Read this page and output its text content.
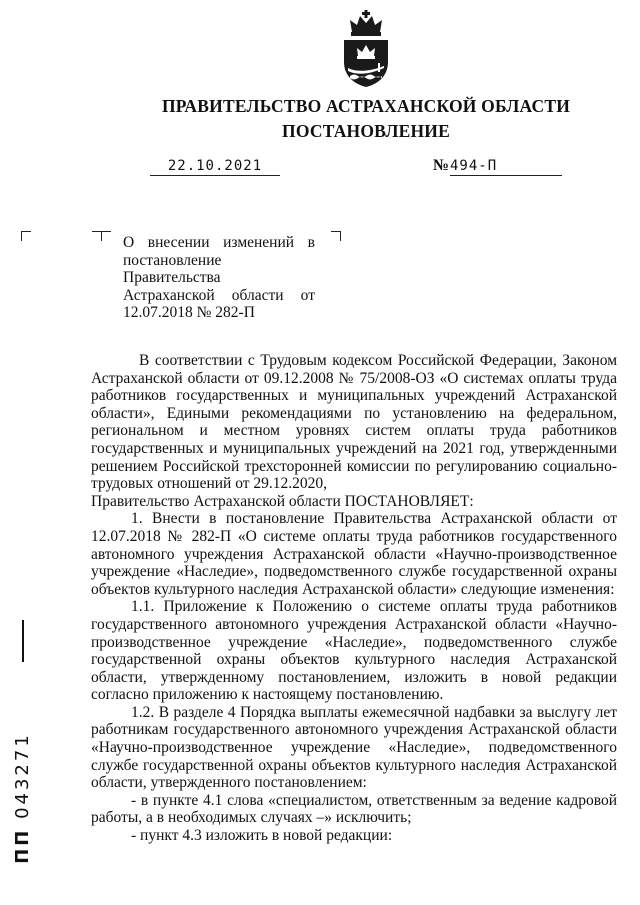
ПРАВИТЕЛЬСТВО АСТРАХАНСКОЙ ОБЛАСТИ
ПОСТАНОВЛЕНИЕ
22.10.2021	№ 494-П
О внесении изменений в постановление Правительства Астраханской области от 12.07.2018 № 282-П

В соответствии с Трудовым кодексом Российской Федерации, Законом Астраханской области от 09.12.2008 № 75/2008-ОЗ «О системах оплаты труда работников государственных и муниципальных учреждений Астраханской области», Едиными рекомендациями по установлению на федеральном, региональном и местном уровнях систем оплаты труда работников государственных и муниципальных учреждений на 2021 год, утвержденными решением Российской трехсторонней комиссии по регулированию социально-трудовых отношений от 29.12.2020,

Правительство Астраханской области ПОСТАНОВЛЯЕТ:

1. Внести в постановление Правительства Астраханской области от 12.07.2018 № 282-П «О системе оплаты труда работников государственного автономного учреждения Астраханской области «Научно-производственное учреждение «Наследие», подведомственного службе государственной охраны объектов культурного наследия Астраханской области» следующие изменения:

1.1. Приложение к Положению о системе оплаты труда работников государственного автономного учреждения Астраханской области «Научно-производственное учреждение «Наследие», подведомственного службе государственной охраны объектов культурного наследия Астраханской области, утвержденному постановлением, изложить в новой редакции согласно приложению к настоящему постановлению.

1.2. В разделе 4 Порядка выплаты ежемесячной надбавки за выслугу лет работникам государственного автономного учреждения Астраханской области «Научно-производственное учреждение «Наследие», подведомственного службе государственной охраны объектов культурного наследия Астраханской области, утвержденного постановлением:

- в пункте 4.1 слова «специалистом, ответственным за ведение кадровой работы, а в необходимых случаях –» исключить;

- пункт 4.3 изложить в новой редакции:

ПП 043271
